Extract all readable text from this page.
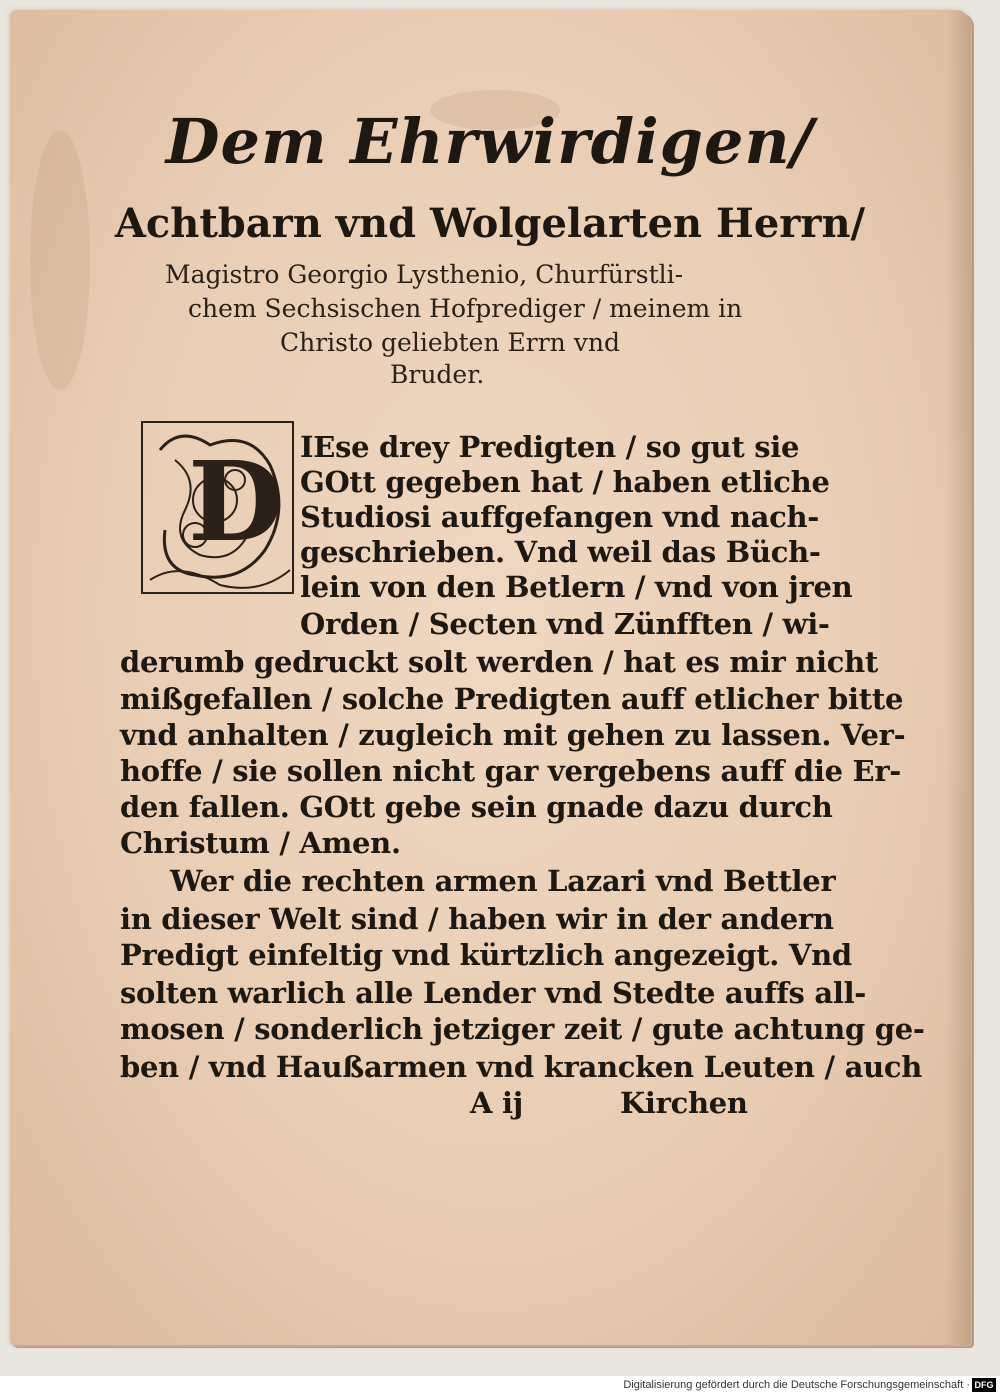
Dem Ehrwirdigen/
Achtbarn vnd Wolgelarten Herrn/
Magistro Georgio Lysthenio, Churfürstli-
chem Sechsischen Hofprediger / meinem in
Christo geliebten Errn vnd
Bruder.
D IEse drey Predigten / so gut sie
GOtt gegeben hat / haben etliche
Studiosi auffgefangen vnd nach-
geschrieben. Vnd weil das Büch-
lein von den Betlern / vnd von jren
Orden / Secten vnd Zünfften / wi-
derumb gedruckt solt werden / hat es mir nicht
mißgefallen / solche Predigten auff etlicher bitte
vnd anhalten / zugleich mit gehen zu lassen. Ver-
hoffe / sie sollen nicht gar vergebens auff die Er-
den fallen. GOtt gebe sein gnade dazu durch
Christum / Amen.
Wer die rechten armen Lazari vnd Bettler
in dieser Welt sind / haben wir in der andern
Predigt einfeltig vnd kürtzlich angezeigt. Vnd
solten warlich alle Lender vnd Stedte auffs all-
mosen / sonderlich jetziger zeit / gute achtung ge-
ben / vnd Haußarmen vnd krancken Leuten / auch
A ij	Kirchen
Digitalisierung gefördert durch die Deutsche Forschungsgemeinschaft · DFG
